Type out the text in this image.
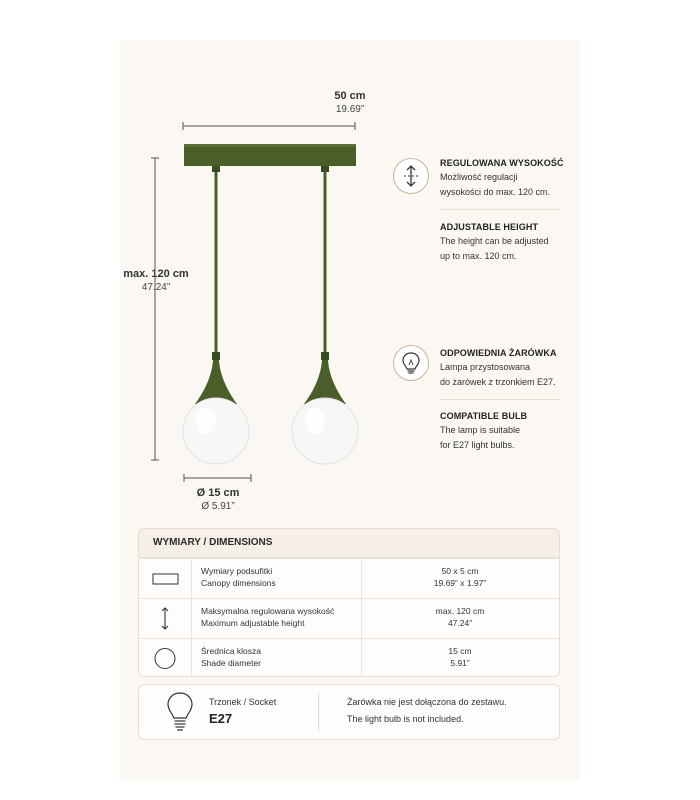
50 cm
19.69”
max. 120 cm
47.24”
Ø 15 cm
Ø 5.91”
REGULOWANA WYSOKOŚĆ
Możliwość regulacji
wysokości do max. 120 cm.
ADJUSTABLE HEIGHT
The height can be adjusted
up to max. 120 cm.
ODPOWIEDNIA ŻARÓWKA
Lampa przystosowana
do żarówek z trzonkiem E27.
COMPATIBLE BULB
The lamp is suitable
for E27 light bulbs.
WYMIARY / DIMENSIONS
Wymiary podsufitki
Canopy dimensions
50 x 5 cm
19.69” x 1.97”
Maksymalna regulowana wysokość
Maximum adjustable height
max. 120 cm
47.24”
Średnica klosza
Shade diameter
15 cm
5.91”
Trzonek / Socket
E27
Żarówka nie jest dołączona do zestawu.
The light bulb is not included.
